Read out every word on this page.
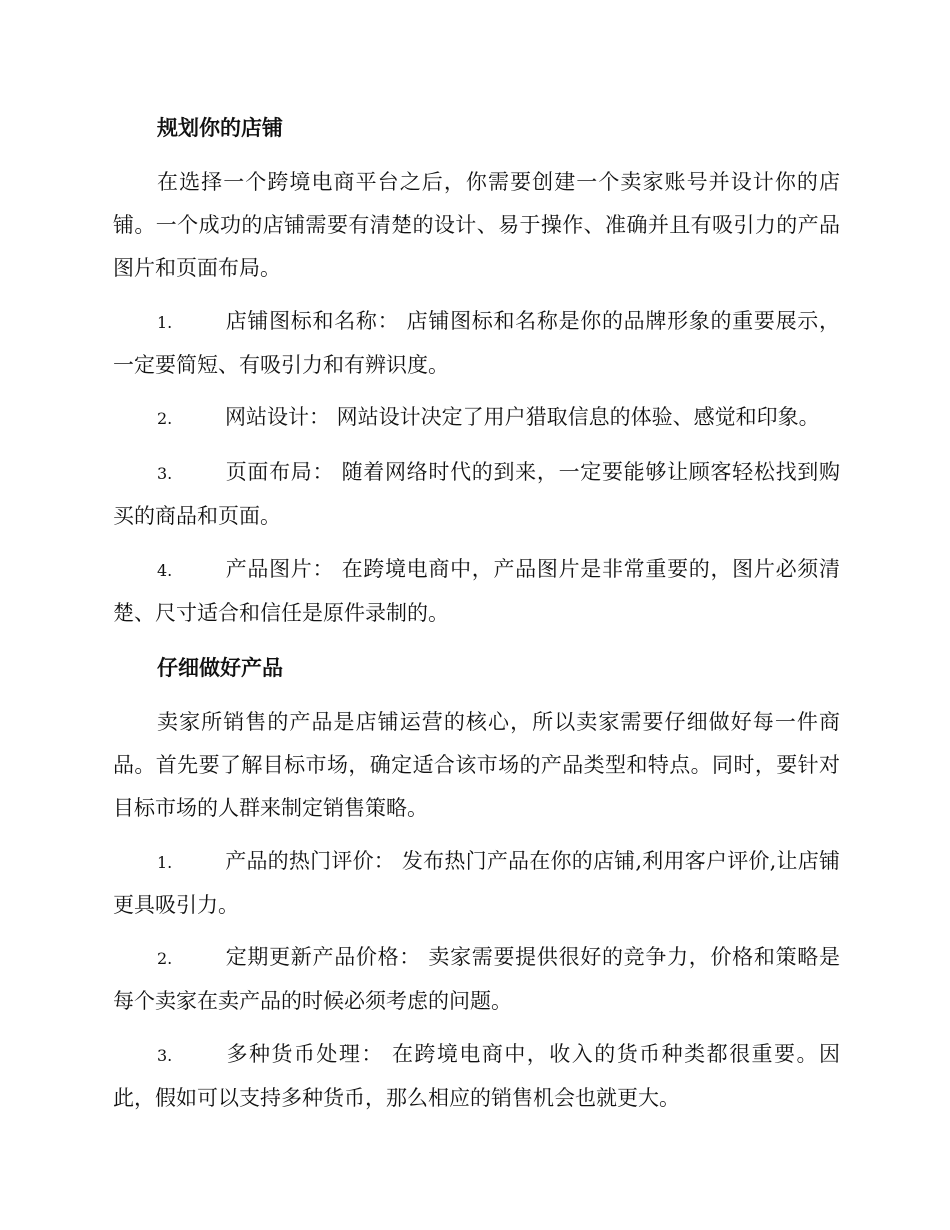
规划你的店铺
在选择一个跨境电商平台之后，你需要创建一个卖家账号并设计你的店铺。一个成功的店铺需要有清楚的设计、易于操作、准确并且有吸引力的产品图片和页面布局。
1.	店铺图标和名称： 店铺图标和名称是你的品牌形象的重要展示，一定要简短、有吸引力和有辨识度。
2.	网站设计： 网站设计决定了用户猎取信息的体验、感觉和印象。
3.	页面布局： 随着网络时代的到来，一定要能够让顾客轻松找到购买的商品和页面。
4.	产品图片： 在跨境电商中，产品图片是非常重要的，图片必须清楚、尺寸适合和信任是原件录制的。
仔细做好产品
卖家所销售的产品是店铺运营的核心，所以卖家需要仔细做好每一件商品。首先要了解目标市场，确定适合该市场的产品类型和特点。同时，要针对目标市场的人群来制定销售策略。
1.	产品的热门评价： 发布热门产品在你的店铺,利用客户评价,让店铺更具吸引力。
2.	定期更新产品价格： 卖家需要提供很好的竞争力，价格和策略是每个卖家在卖产品的时候必须考虑的问题。
3.	多种货币处理： 在跨境电商中，收入的货币种类都很重要。因此，假如可以支持多种货币，那么相应的销售机会也就更大。
